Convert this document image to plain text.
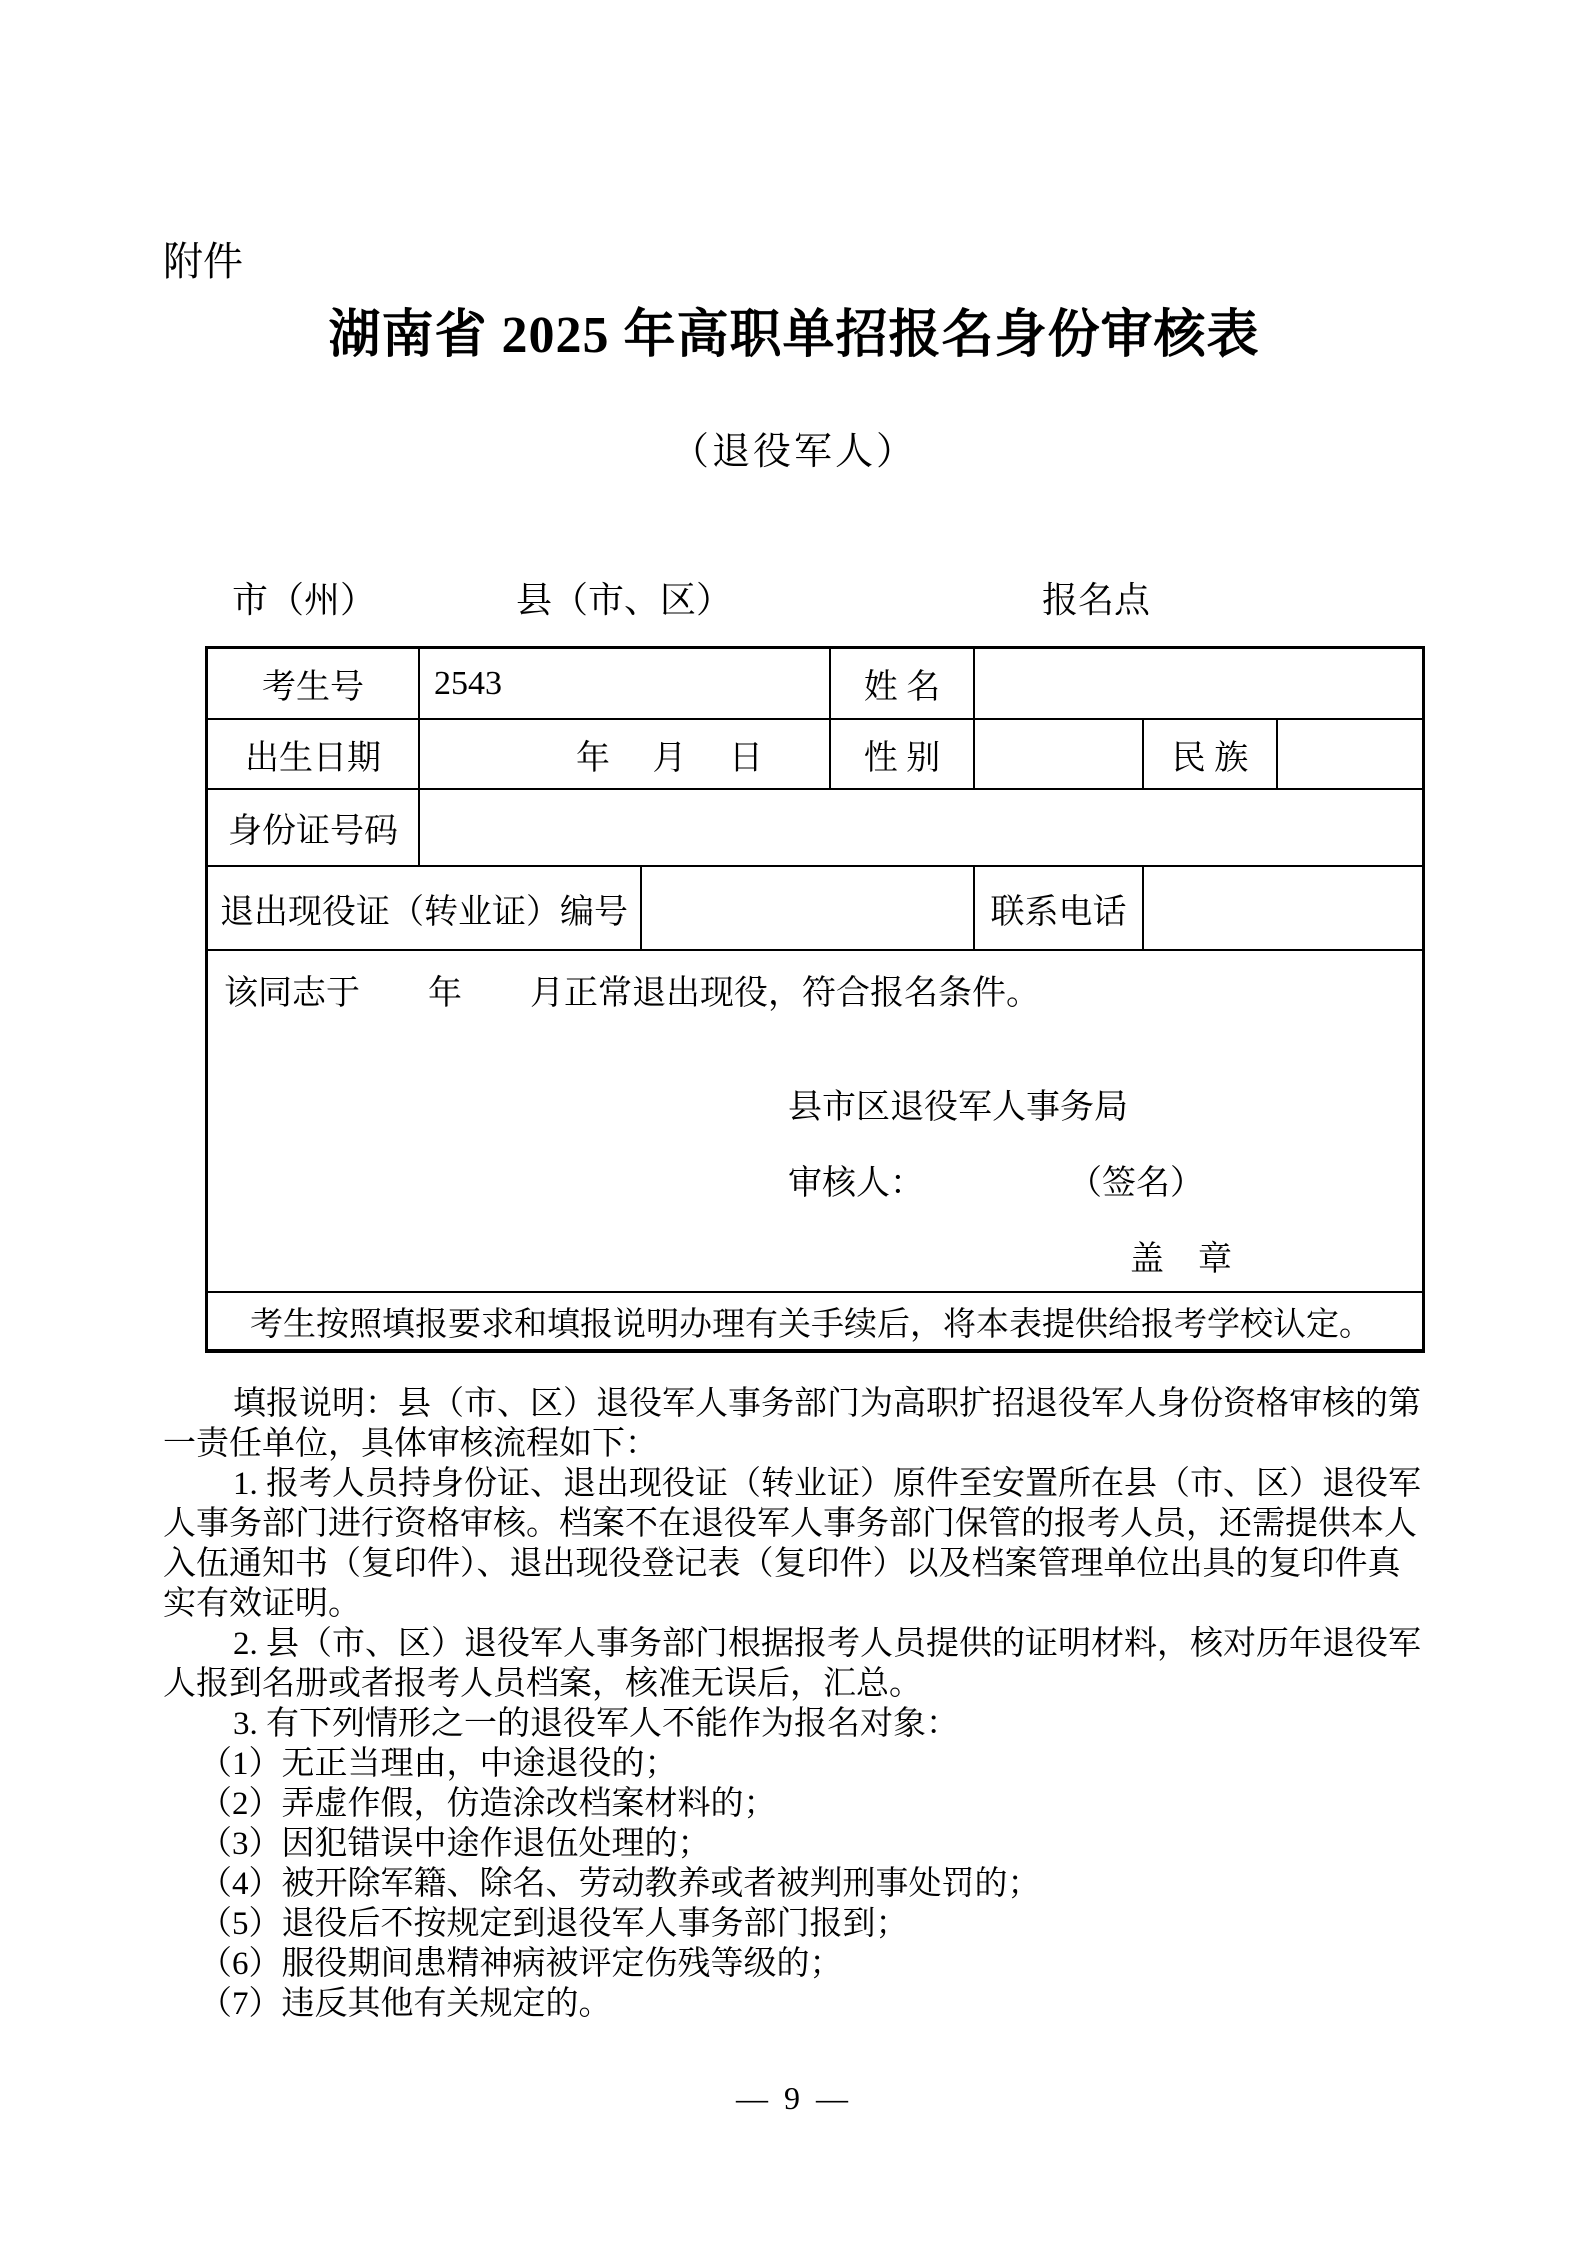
附件
湖南省 2025 年高职单招报名身份审核表
（退役军人）
市（州）	县（市、区）	报名点
考生号	2543	姓 名
出生日期	年　 月　 日	性 别	民 族
身份证号码
退出现役证（转业证）编号	联系电话
该同志于　　年　　月正常退出现役，符合报名条件。
县市区退役军人事务局
审核人：	（签名）
盖　章
考生按照填报要求和填报说明办理有关手续后，将本表提供给报考学校认定。
填报说明：县（市、区）退役军人事务部门为高职扩招退役军人身份资格审核的第
一责任单位，具体审核流程如下：
1. 报考人员持身份证、退出现役证（转业证）原件至安置所在县（市、区）退役军
人事务部门进行资格审核。档案不在退役军人事务部门保管的报考人员，还需提供本人
入伍通知书（复印件）、退出现役登记表（复印件）以及档案管理单位出具的复印件真
实有效证明。
2. 县（市、区）退役军人事务部门根据报考人员提供的证明材料，核对历年退役军
人报到名册或者报考人员档案，核准无误后，汇总。
3. 有下列情形之一的退役军人不能作为报名对象：
（1）无正当理由，中途退役的；
（2）弄虚作假，仿造涂改档案材料的；
（3）因犯错误中途作退伍处理的；
（4）被开除军籍、除名、劳动教养或者被判刑事处罚的；
（5）退役后不按规定到退役军人事务部门报到；
（6）服役期间患精神病被评定伤残等级的；
（7）违反其他有关规定的。
— 9 —
